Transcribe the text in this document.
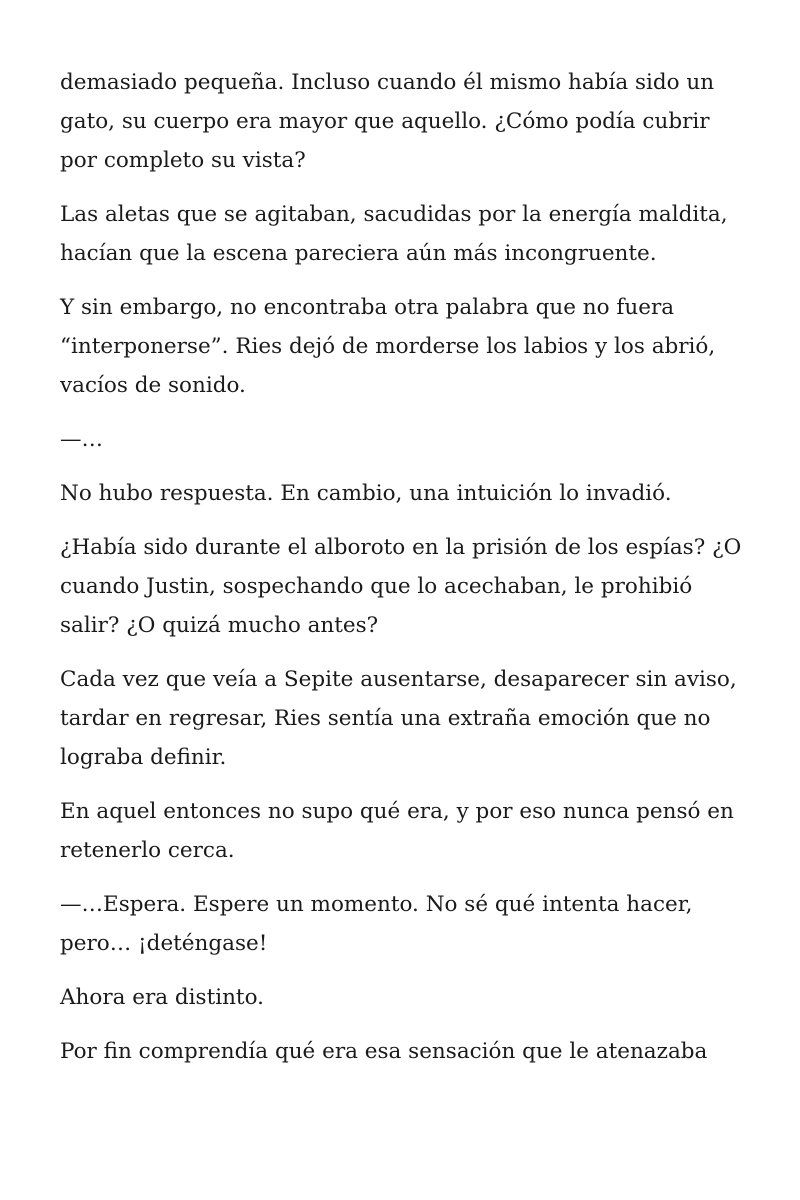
demasiado pequeña. Incluso cuando él mismo había sido un gato, su cuerpo era mayor que aquello. ¿Cómo podía cubrir por completo su vista?

Las aletas que se agitaban, sacudidas por la energía maldita, hacían que la escena pareciera aún más incongruente.

Y sin embargo, no encontraba otra palabra que no fuera “interponerse”. Ries dejó de morderse los labios y los abrió, vacíos de sonido.

—…

No hubo respuesta. En cambio, una intuición lo invadió.

¿Había sido durante el alboroto en la prisión de los espías? ¿O cuando Justin, sospechando que lo acechaban, le prohibió salir? ¿O quizá mucho antes?

Cada vez que veía a Sepite ausentarse, desaparecer sin aviso, tardar en regresar, Ries sentía una extraña emoción que no lograba definir.

En aquel entonces no supo qué era, y por eso nunca pensó en retenerlo cerca.

—…Espera. Espere un momento. No sé qué intenta hacer, pero… ¡deténgase!

Ahora era distinto.

Por fin comprendía qué era esa sensación que le atenazaba
